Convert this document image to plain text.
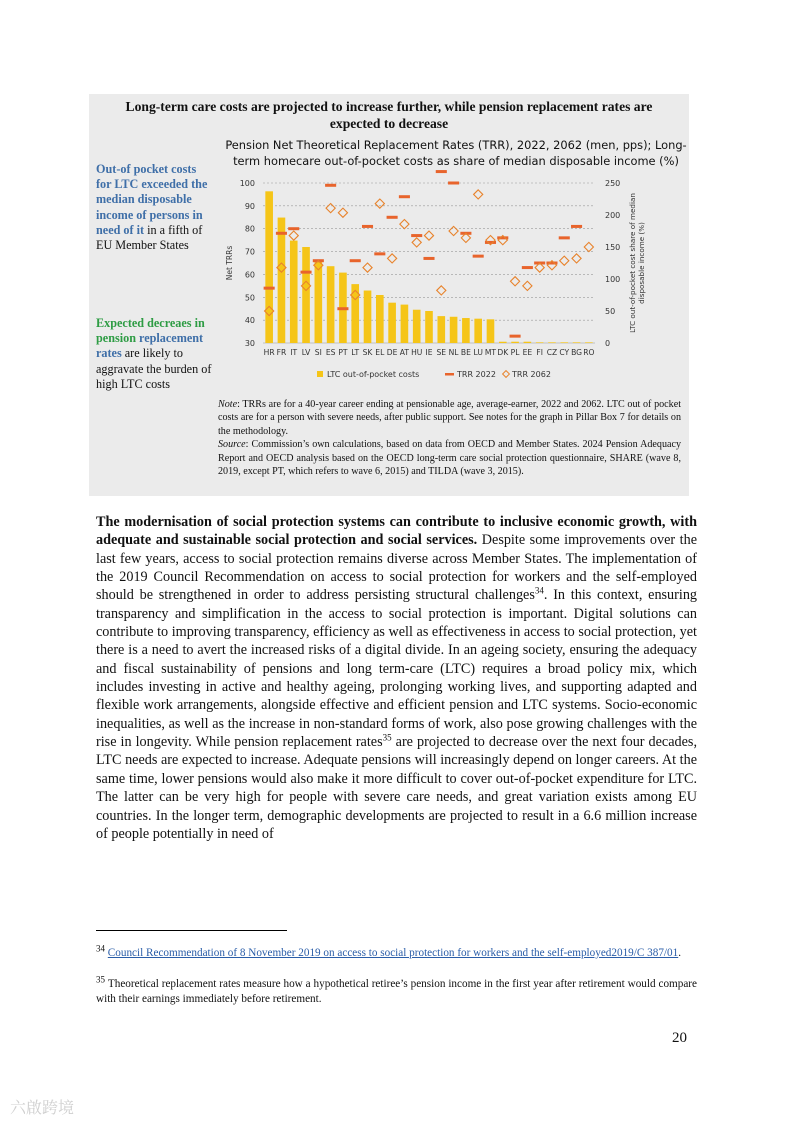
Long-term care costs are projected to increase further, while pension replacement rates are
expected to decrease
Out-of pocket costs for LTC exceeded the median disposable income of persons in need of it in a fifth of EU Member States
Expected decreaes in pension replacement rates are likely to aggravate the burden of high LTC costs
Pension Net Theoretical Replacement Rates (TRR), 2022, 2062 (men, pps); Long-
term homecare out-of-pocket costs as share of median disposable income (%)
100
90
80
70
60
50
40
30
250
200
150
100
50
0
Net TRRs	LTC out-of-pocket cost share of mediandisposable income (%)
HR FR IT LV SI ES PT LT SK EL DE AT HU IE SE NL BE LU MT DK PL EE FI CZ CY BG RO
LTC out-of-pocket costs	TRR 2022 TRR 2062
Note: TRRs are for a 40-year career ending at pensionable age, average-earner, 2022 and 2062. LTC out of pocket costs are for a person with severe needs, after public support. See notes for the graph in Pillar Box 7 for details on the methodology.
Source: Commission’s own calculations, based on data from OECD and Member States. 2024 Pension Adequacy Report and OECD analysis based on the OECD long-term care social protection questionnaire, SHARE (wave 8, 2019, except PT, which refers to wave 6, 2015) and TILDA (wave 3, 2015).

The modernisation of social protection systems can contribute to inclusive economic growth, with adequate and sustainable social protection and social services. Despite some improvements over the last few years, access to social protection remains diverse across Member States. The implementation of the 2019 Council Recommendation on access to social protection for workers and the self-employed should be strengthened in order to address persisting structural challenges$^{34}$. In this context, ensuring transparency and simplification in the access to social protection is important. Digital solutions can contribute to improving transparency, efficiency as well as effectiveness in access to social protection, yet there is a need to avert the increased risks of a digital divide. In an ageing society, ensuring the adequacy and fiscal sustainability of pensions and long term-care (LTC) requires a broad policy mix, which includes investing in active and healthy ageing, prolonging working lives, and supporting adapted and flexible work arrangements, alongside effective and efficient pension and LTC systems. Socio-economic inequalities, as well as the increase in non-standard forms of work, also pose growing challenges with the rise in longevity. While pension replacement rates$^{35}$ are projected to decrease over the next four decades, LTC needs are expected to increase. Adequate pensions will increasingly depend on longer careers. At the same time, lower pensions would also make it more difficult to cover out-of-pocket expenditure for LTC. The latter can be very high for people with severe care needs, and great variation exists among EU countries. In the longer term, demographic developments are projected to result in a 6.6 million increase of people potentially in need of

$^{34}$ Council Recommendation of 8 November 2019 on access to social protection for workers and the self-employed2019/C 387/01.
$^{35}$ Theoretical replacement rates measure how a hypothetical retiree’s pension income in the first year after retirement would compare with their earnings immediately before retirement.
20
六啟跨境
